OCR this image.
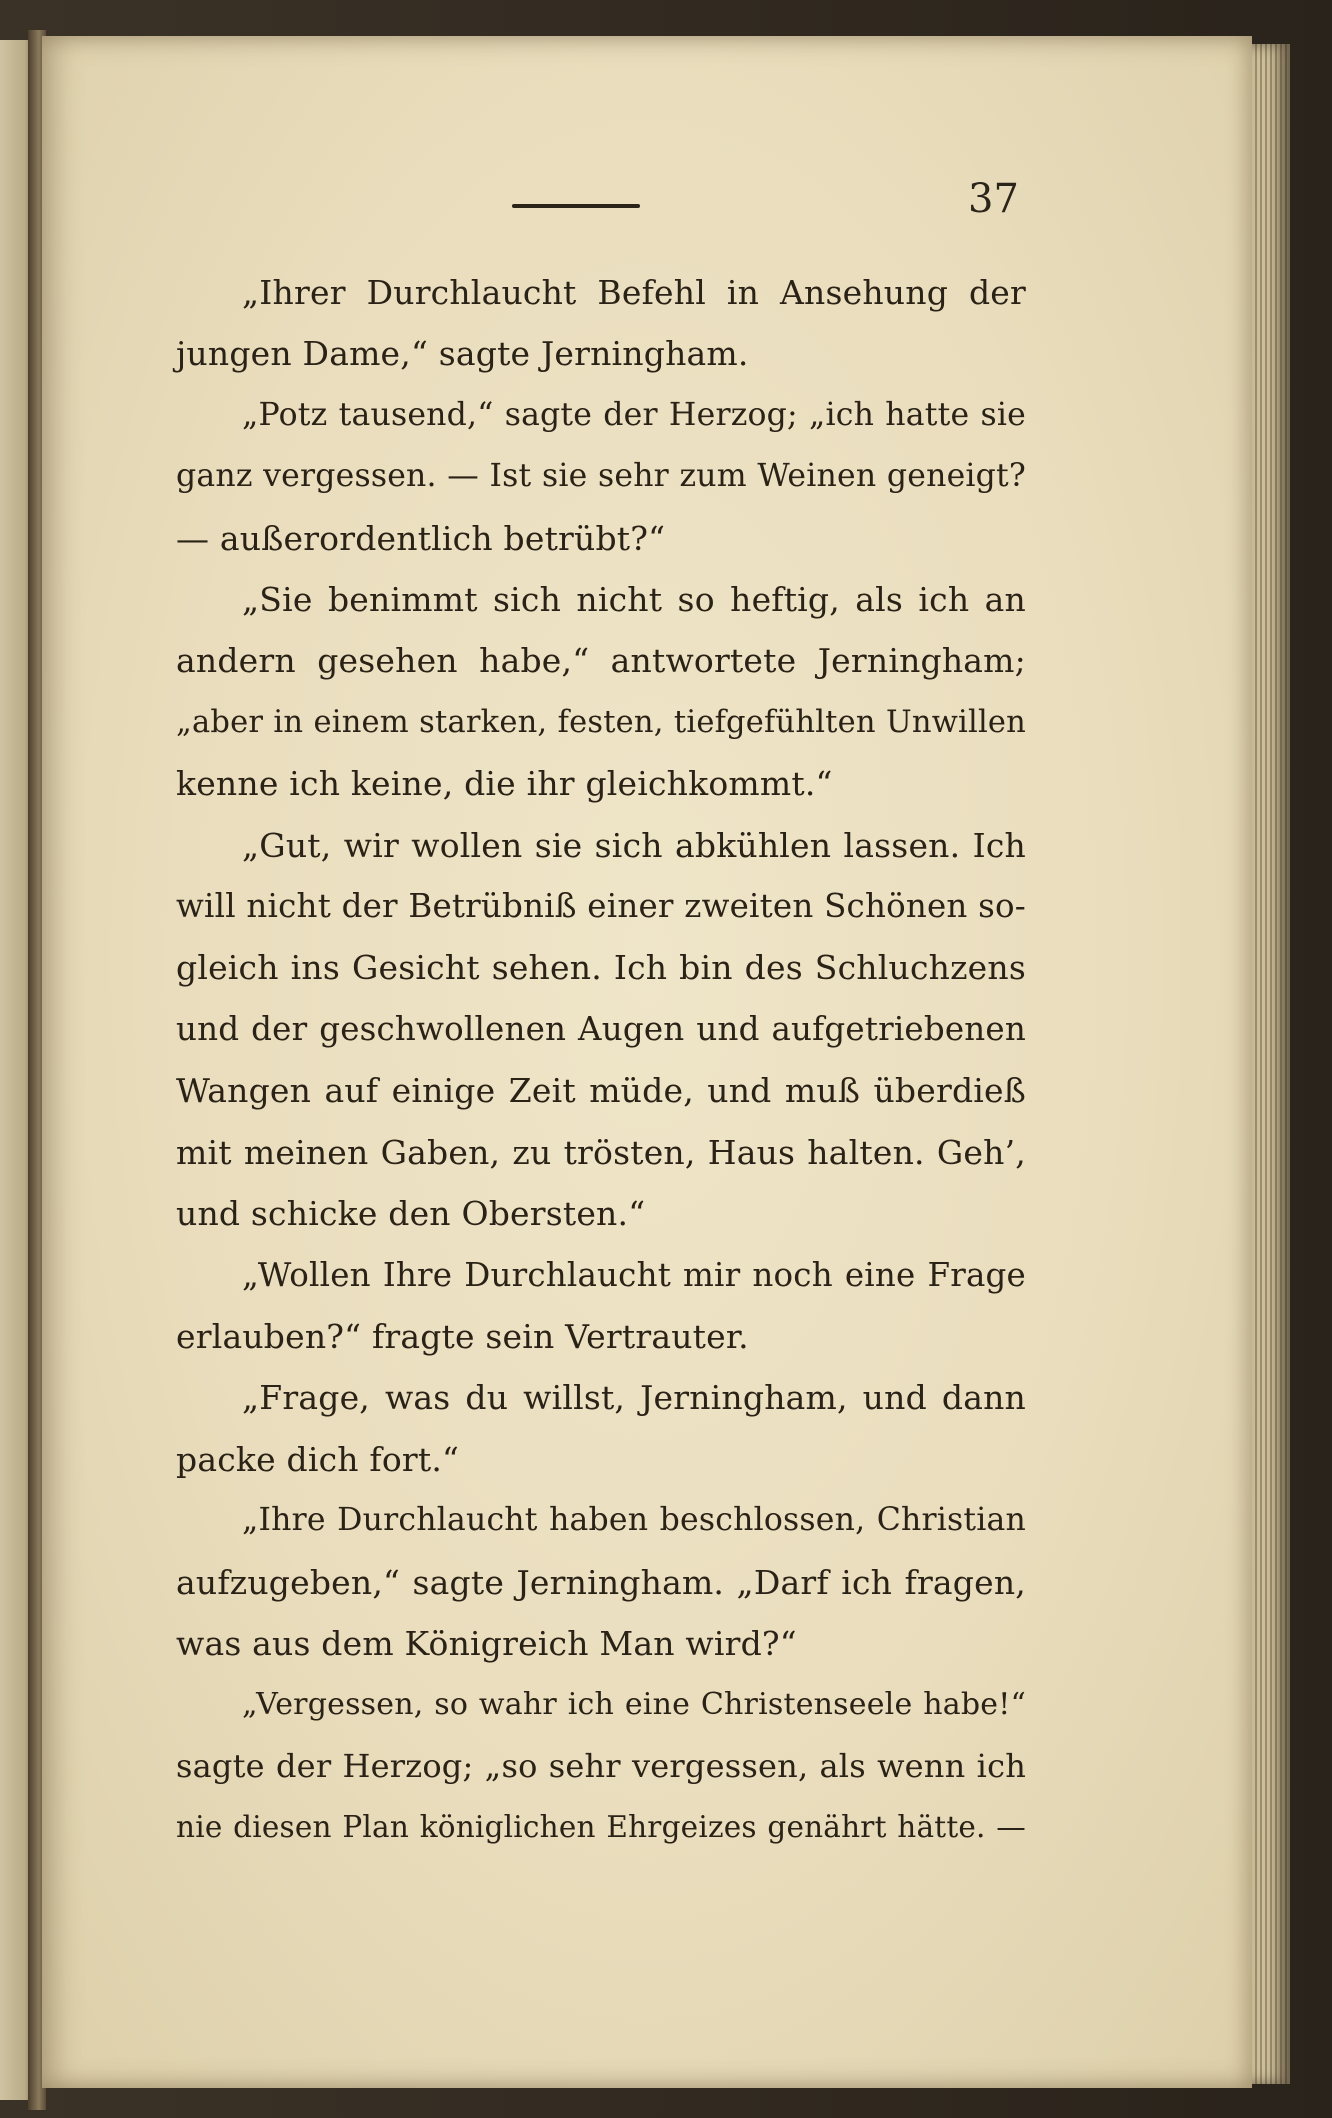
37
„Ihrer Durchlaucht Befehl in Ansehung der
jungen Dame,“ sagte Jerningham.
„Potz tausend,“ sagte der Herzog; „ich hatte sie
ganz vergessen. — Ist sie sehr zum Weinen geneigt?
— außerordentlich betrübt?“
„Sie benimmt sich nicht so heftig, als ich an
andern gesehen habe,“ antwortete Jerningham;
„aber in einem starken, festen, tiefgefühlten Unwillen
kenne ich keine, die ihr gleichkommt.“
„Gut, wir wollen sie sich abkühlen lassen. Ich
will nicht der Betrübniß einer zweiten Schönen so-
gleich ins Gesicht sehen. Ich bin des Schluchzens
und der geschwollenen Augen und aufgetriebenen
Wangen auf einige Zeit müde, und muß überdieß
mit meinen Gaben, zu trösten, Haus halten. Geh’,
und schicke den Obersten.“
„Wollen Ihre Durchlaucht mir noch eine Frage
erlauben?“ fragte sein Vertrauter.
„Frage, was du willst, Jerningham, und dann
packe dich fort.“
„Ihre Durchlaucht haben beschlossen, Christian
aufzugeben,“ sagte Jerningham. „Darf ich fragen,
was aus dem Königreich Man wird?“
„Vergessen, so wahr ich eine Christenseele habe!“
sagte der Herzog; „so sehr vergessen, als wenn ich
nie diesen Plan königlichen Ehrgeizes genährt hätte. —
